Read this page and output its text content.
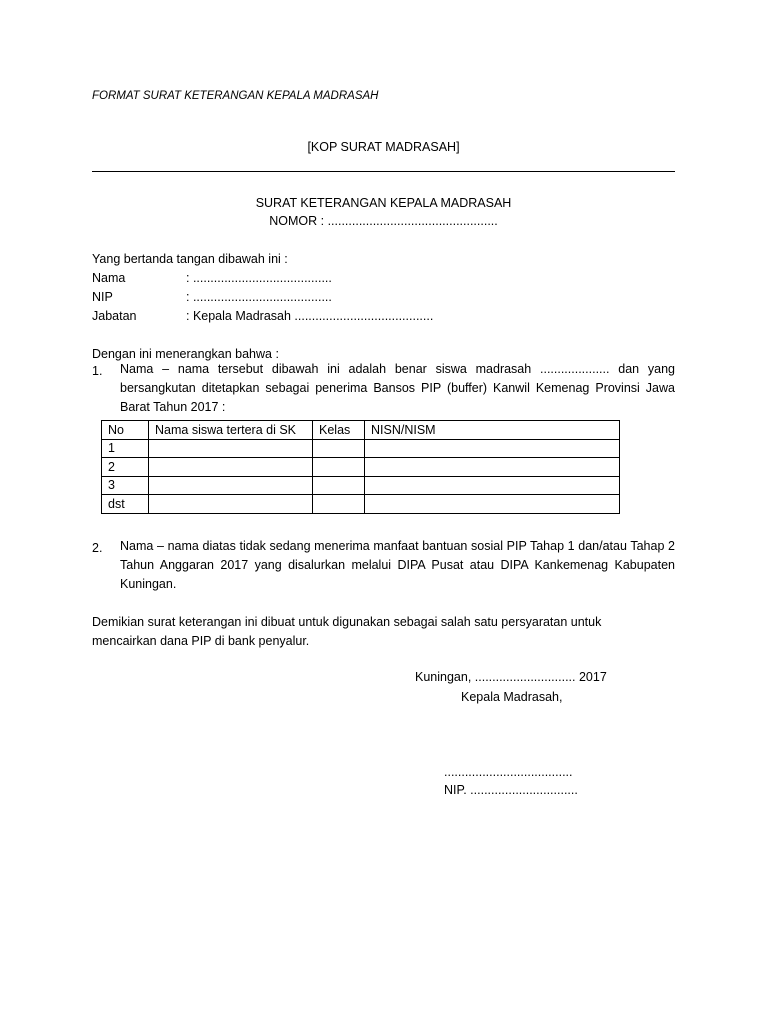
FORMAT SURAT KETERANGAN KEPALA MADRASAH
[KOP SURAT MADRASAH]
SURAT KETERANGAN KEPALA MADRASAH
NOMOR : .................................................
Yang bertanda tangan dibawah ini :
Nama	: ........................................
NIP	: ........................................
Jabatan	: Kepala Madrasah ........................................
Dengan ini menerangkan bahwa :
1. Nama – nama tersebut dibawah ini adalah benar siswa madrasah .................... dan yang bersangkutan ditetapkan sebagai penerima Bansos PIP (buffer) Kanwil Kemenag Provinsi Jawa Barat Tahun 2017 :
No	Nama siswa tertera di SK	Kelas	NISN/NISM
1			
2			
3			
dst			
2. Nama – nama diatas tidak sedang menerima manfaat bantuan sosial PIP Tahap 1 dan/atau Tahap 2 Tahun Anggaran 2017 yang disalurkan melalui DIPA Pusat atau DIPA Kankemenag Kabupaten Kuningan.
Demikian surat keterangan ini dibuat untuk digunakan sebagai salah satu persyaratan untuk mencairkan dana PIP di bank penyalur.
Kuningan, ............................. 2017
Kepala Madrasah,
.....................................
NIP. ...............................
